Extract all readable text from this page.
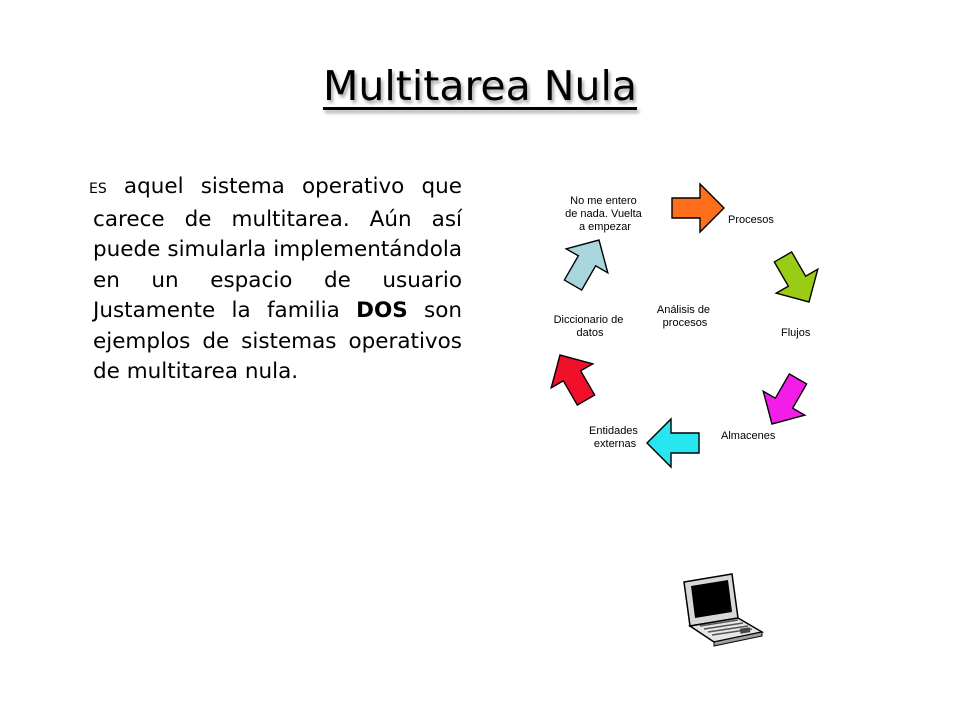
Multitarea Nula

ES aquel sistema operativo que carece de multitarea. Aún así puede simularla implementándola en un espacio de usuario Justamente la familia DOS son ejemplos de sistemas operativos de multitarea nula.

Análisis de procesos
Procesos
Flujos
Almacenes
Entidades externas
Diccionario de datos
No me entero de nada. Vuelta a empezar
